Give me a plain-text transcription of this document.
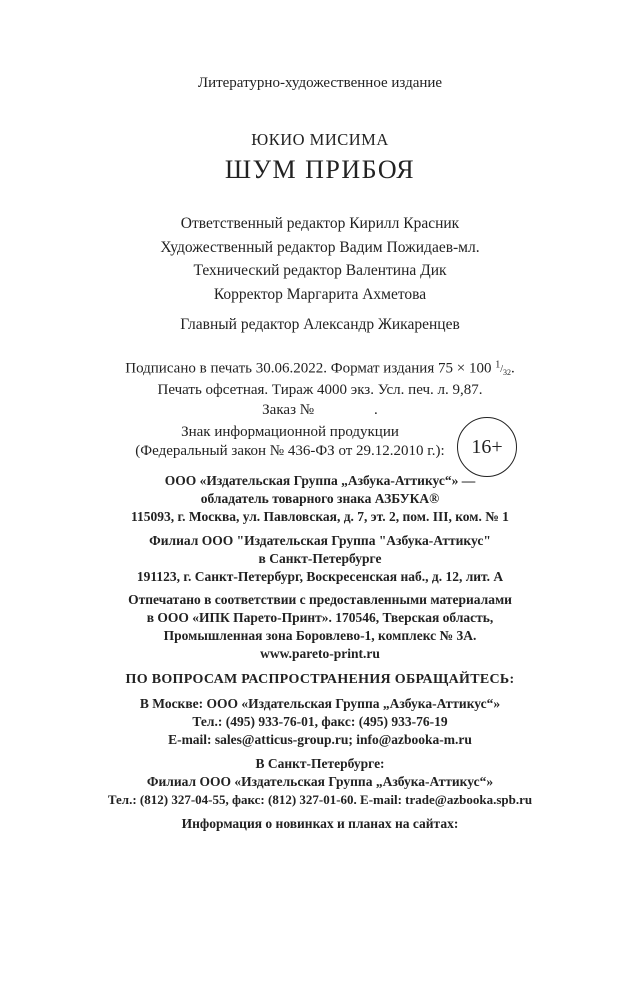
Литературно-художественное издание
ЮКИО МИСИМА
ШУМ ПРИБОЯ
Ответственный редактор Кирилл Красник
Художественный редактор Вадим Пожидаев-мл.
Технический редактор Валентина Дик
Корректор Маргарита Ахметова
Главный редактор Александр Жикаренцев
Подписано в печать 30.06.2022. Формат издания 75 × 100 $^1/_{32}$.
Печать офсетная. Тираж 4000 экз. Усл. печ. л. 9,87.
Заказ №                .
Знак информационной продукции
(Федеральный закон № 436-ФЗ от 29.12.2010 г.):	16+
ООО «Издательская Группа „Азбука-Аттикус“» —
обладатель товарного знака АЗБУКА®
115093, г. Москва, ул. Павловская, д. 7, эт. 2, пом. III, ком. № 1
Филиал ООО "Издательская Группа "Азбука-Аттикус"
в Санкт-Петербурге
191123, г. Санкт-Петербург, Воскресенская наб., д. 12, лит. А
Отпечатано в соответствии с предоставленными материалами
в ООО «ИПК Парето-Принт». 170546, Тверская область,
Промышленная зона Боровлево-1, комплекс № 3А.
www.pareto-print.ru
ПО ВОПРОСАМ РАСПРОСТРАНЕНИЯ ОБРАЩАЙТЕСЬ:
В Москве: ООО «Издательская Группа „Азбука-Аттикус“»
Тел.: (495) 933-76-01, факс: (495) 933-76-19
E-mail: sales@atticus-group.ru; info@azbooka-m.ru
В Санкт-Петербурге:
Филиал ООО «Издательская Группа „Азбука-Аттикус“»
Тел.: (812) 327-04-55, факс: (812) 327-01-60. E-mail: trade@azbooka.spb.ru
Информация о новинках и планах на сайтах:
